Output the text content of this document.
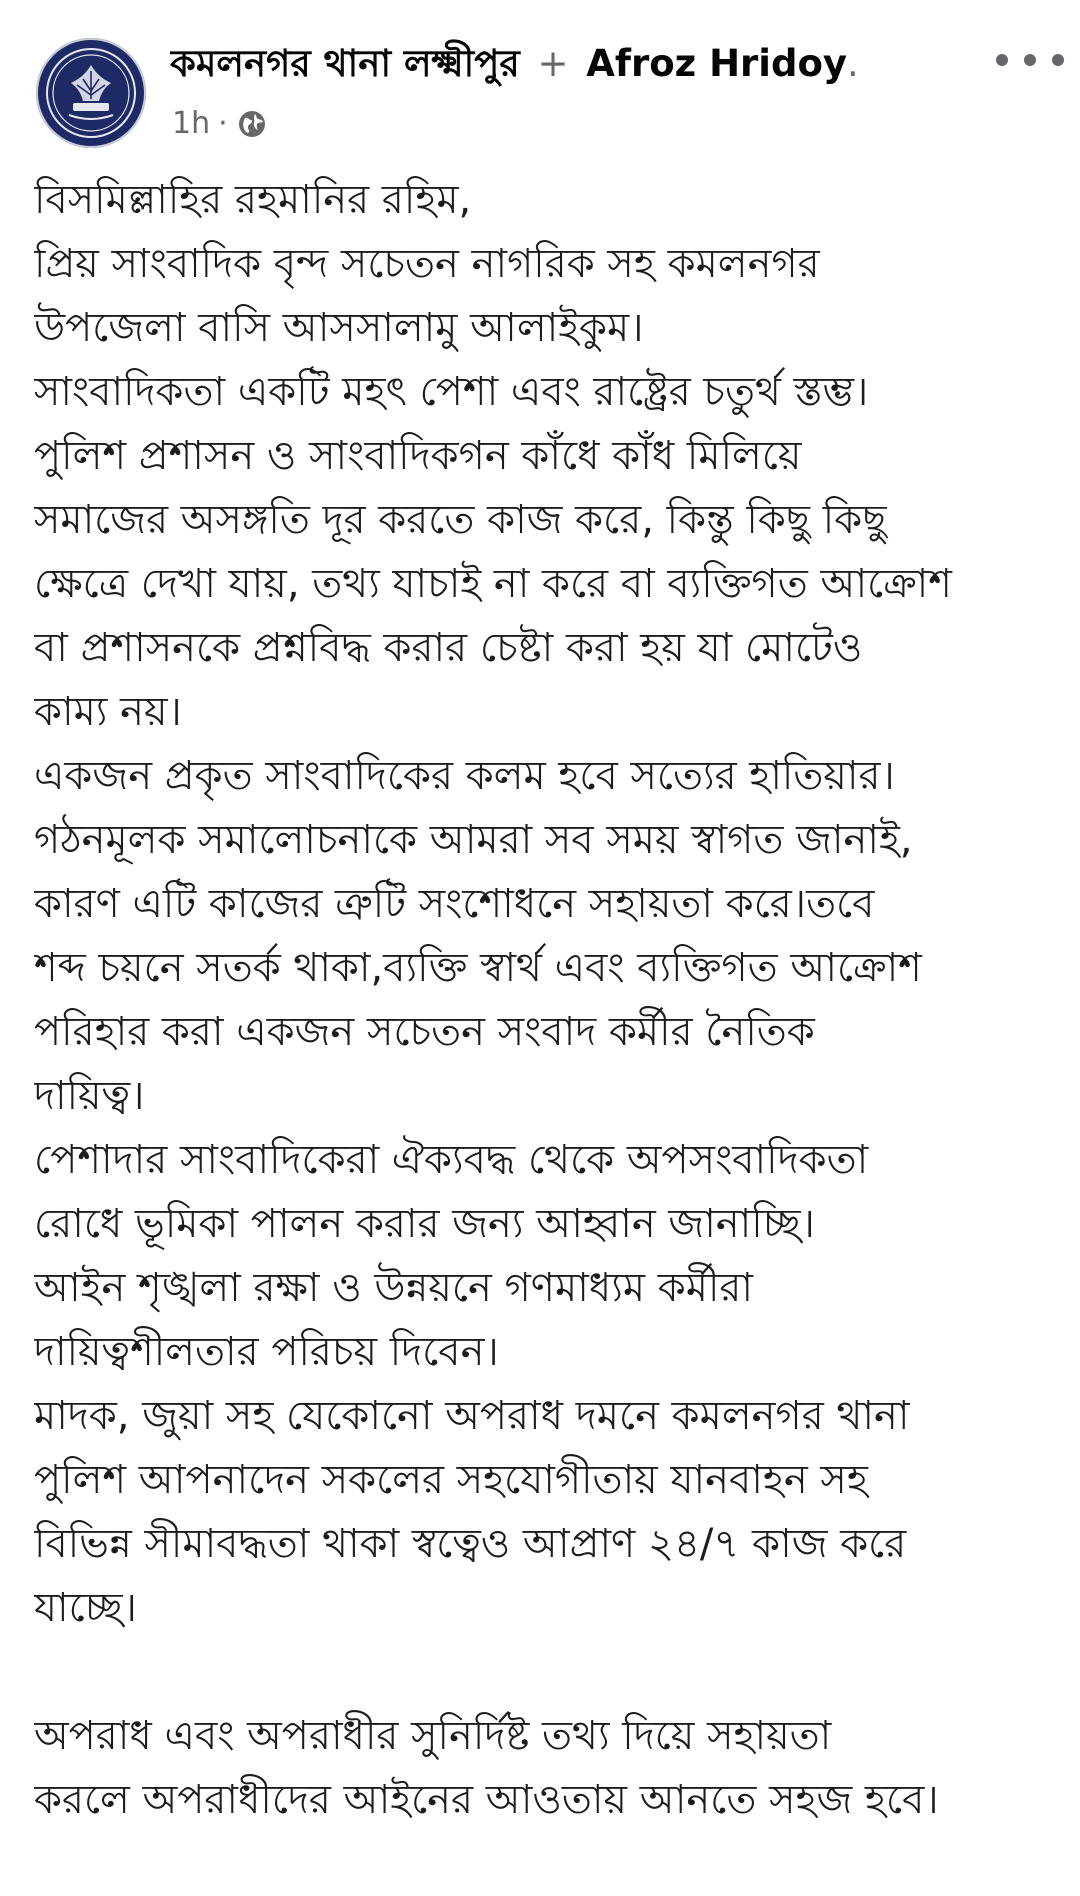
কমলনগর থানা লক্ষ্মীপুর + Afroz Hridoy.
1h ·
বিসমিল্লাহির রহমানির রহিম,
প্রিয় সাংবাদিক বৃন্দ সচেতন নাগরিক সহ কমলনগর
উপজেলা বাসি আসসালামু আলাইকুম।
সাংবাদিকতা একটি মহৎ পেশা এবং রাষ্ট্রের চতুর্থ স্তম্ভ।
পুলিশ প্রশাসন ও সাংবাদিকগন কাঁধে কাঁধ মিলিয়ে
সমাজের অসঙ্গতি দূর করতে কাজ করে, কিন্তু কিছু কিছু
ক্ষেত্রে দেখা যায়, তথ্য যাচাই না করে বা ব্যক্তিগত আক্রোশ
বা প্রশাসনকে প্রশ্নবিদ্ধ করার চেষ্টা করা হয় যা মোটেও
কাম্য নয়।
একজন প্রকৃত সাংবাদিকের কলম হবে সত্যের হাতিয়ার।
গঠনমূলক সমালোচনাকে আমরা সব সময় স্বাগত জানাই,
কারণ এটি কাজের ত্রুটি সংশোধনে সহায়তা করে।তবে
শব্দ চয়নে সতর্ক থাকা,ব্যক্তি স্বার্থ এবং ব্যক্তিগত আক্রোশ
পরিহার করা একজন সচেতন সংবাদ কর্মীর নৈতিক
দায়িত্ব।
পেশাদার সাংবাদিকেরা ঐক্যবদ্ধ থেকে অপসংবাদিকতা
রোধে ভূমিকা পালন করার জন্য আহ্বান জানাচ্ছি।
আইন শৃঙ্খলা রক্ষা ও উন্নয়নে গণমাধ্যম কর্মীরা
দায়িত্বশীলতার পরিচয় দিবেন।
মাদক, জুয়া সহ যেকোনো অপরাধ দমনে কমলনগর থানা
পুলিশ আপনাদেন সকলের সহযোগীতায় যানবাহন সহ
বিভিন্ন সীমাবদ্ধতা থাকা স্বত্বেও আপ্রাণ ২৪/৭ কাজ করে
যাচ্ছে।
অপরাধ এবং অপরাধীর সুনির্দিষ্ট তথ্য দিয়ে সহায়তা
করলে অপরাধীদের আইনের আওতায় আনতে সহজ হবে।
